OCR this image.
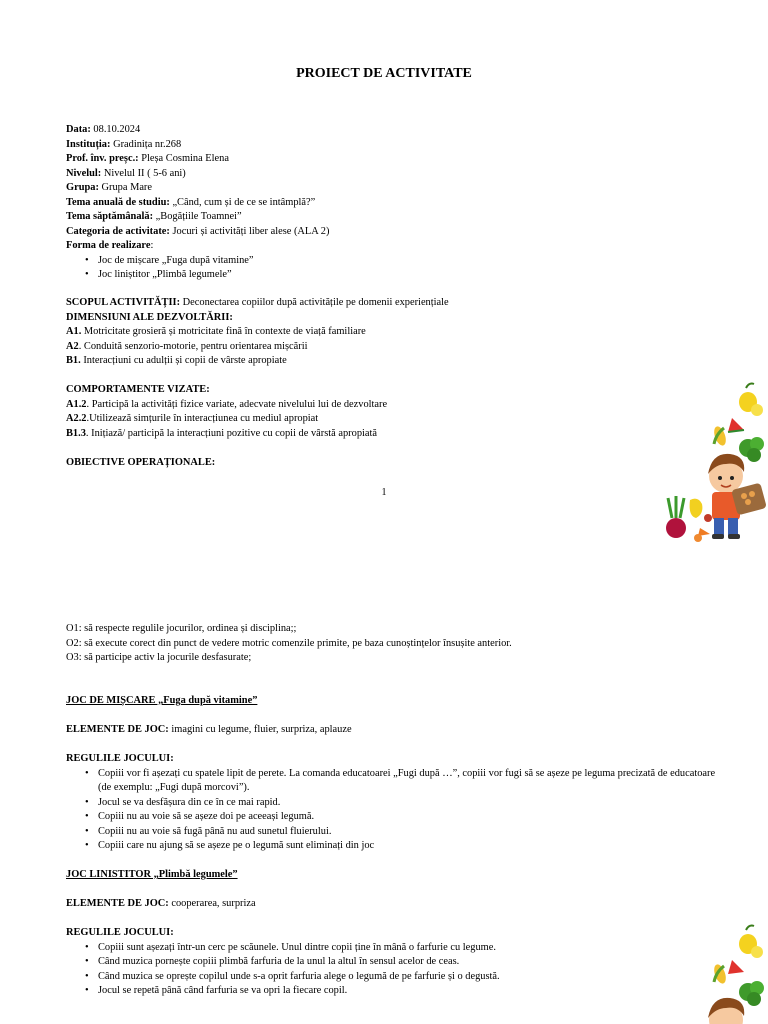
PROIECT DE ACTIVITATE
Data: 08.10.2024
Instituția: Gradinița nr.268
Prof. înv. preșc.: Pleșa Cosmina Elena
Nivelul: Nivelul II ( 5-6 ani)
Grupa: Grupa Mare
Tema anuală de studiu: „Când, cum și de ce se intâmplă?”
Tema săptămânală: „Bogățiile Toamnei”
Categoria de activitate: Jocuri și activități liber alese (ALA 2)
Forma de realizare:
• Joc de mișcare „Fuga după vitamine”
• Joc liniștitor „Plimbă legumele”
SCOPUL ACTIVITĂȚII: Deconectarea copiilor după activitățile pe domenii experiențiale
DIMENSIUNI ALE DEZVOLTĂRII:
A1. Motricitate grosieră și motricitate fină în contexte de viață familiare
A2. Conduită senzorio-motorie, pentru orientarea mișcării
B1. Interacțiuni cu adulții și copii de vârste apropiate
COMPORTAMENTE VIZATE:
A1.2. Participă la activități fizice variate, adecvate nivelului lui de dezvoltare
A2.2.Utilizează simțurile în interacțiunea cu mediul apropiat
B1.3. Inițiază/ participă la interacțiuni pozitive cu copii de vârstă apropiată
OBIECTIVE OPERAȚIONALE:
1
O1: să respecte regulile jocurilor, ordinea și disciplina;;
O2: să execute corect din punct de vedere motric comenzile primite, pe baza cunoștințelor însușite anterior.
O3: să participe activ la jocurile desfasurate;
JOC DE MIȘCARE „Fuga după vitamine”
ELEMENTE DE JOC: imagini cu legume, fluier, surpriza, aplauze
REGULILE JOCULUI:
• Copiii vor fi așezați cu spatele lipit de perete. La comanda educatoarei „Fugi după …”, copiii vor fugi să se așeze pe leguma precizată de educatoare (de exemplu: „Fugi după morcovi”).
• Jocul se va desfășura din ce în ce mai rapid.
• Copiii nu au voie să se așeze doi pe aceeași legumă.
• Copiii nu au voie să fugă până nu aud sunetul fluierului.
• Copiii care nu ajung să se așeze pe o legumă sunt eliminați din joc
JOC LINISTITOR „Plimbă legumele”
ELEMENTE DE JOC: cooperarea, surpriza
REGULILE JOCULUI:
• Copiii sunt așezați într-un cerc pe scăunele. Unul dintre copii ține în mână o farfurie cu legume.
• Când muzica pornește copiii plimbă farfuria de la unul la altul în sensul acelor de ceas.
• Când muzica se oprește copilul unde s-a oprit farfuria alege o legumă de pe farfurie și o degustă.
• Jocul se repetă până când farfuria se va opri la fiecare copil.
